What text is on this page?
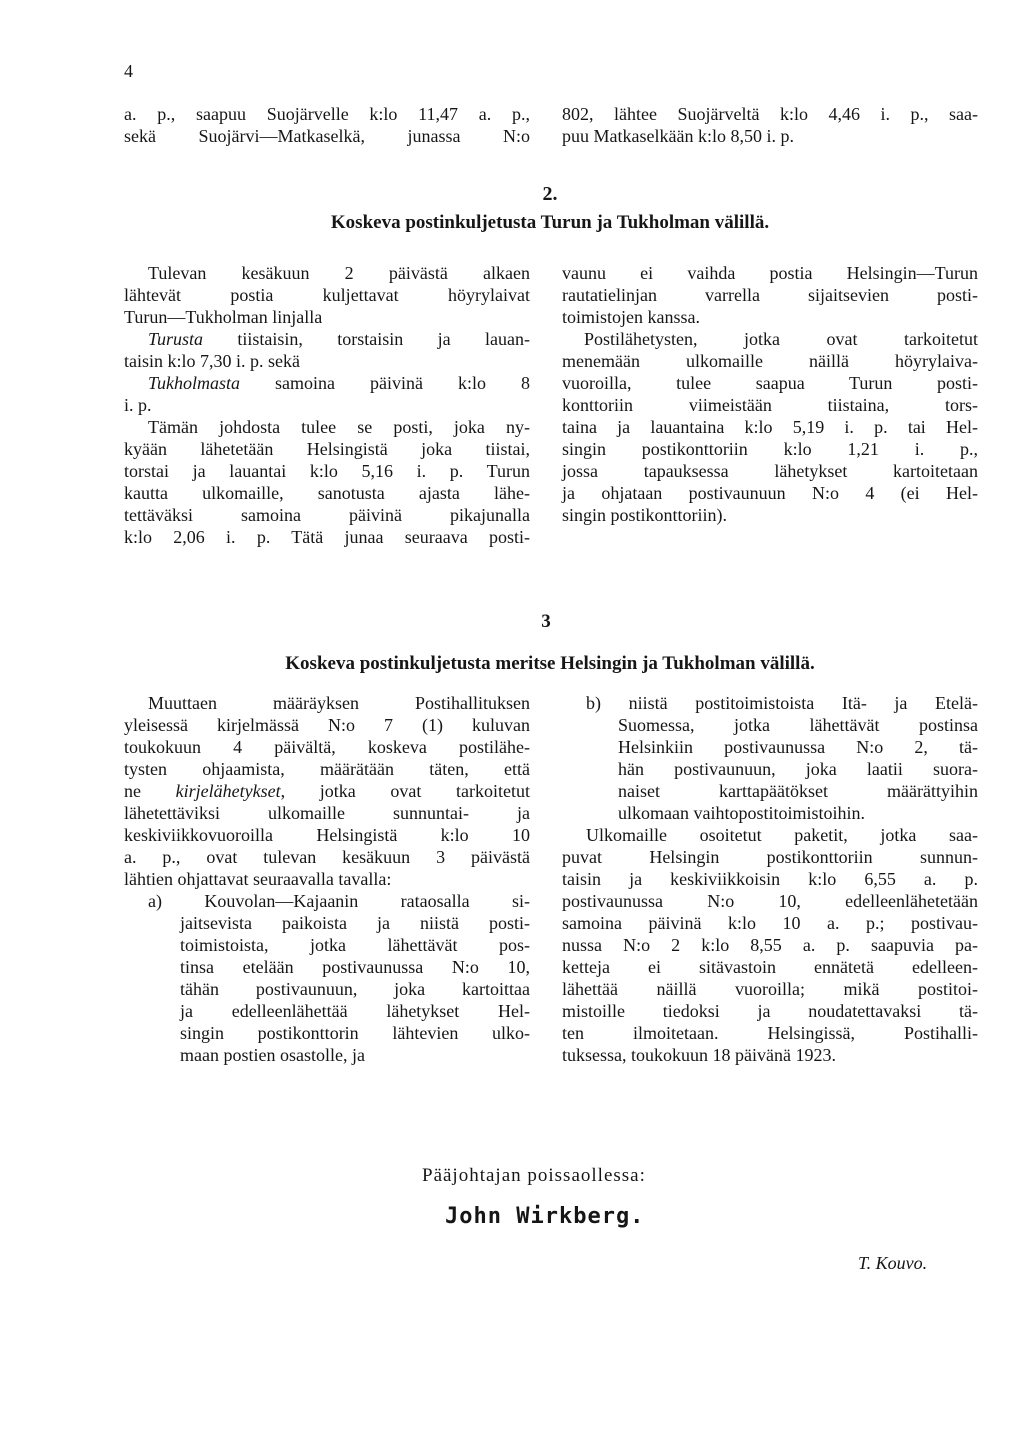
4
a. p., saapuu Suojärvelle k:lo 11,47 a. p.,
sekä Suojärvi—Matkaselkä, junassa N:o
802, lähtee Suojärveltä k:lo 4,46 i. p., saa-
puu Matkaselkään k:lo 8,50 i. p.
2.
Koskeva postinkuljetusta Turun ja Tukholman välillä.
Tulevan kesäkuun 2 päivästä alkaen
lähtevät postia kuljettavat höyrylaivat
Turun—Tukholman linjalla
Turusta tiistaisin, torstaisin ja lauan-
taisin k:lo 7,30 i. p. sekä
Tukholmasta samoina päivinä k:lo 8
i. p.
Tämän johdosta tulee se posti, joka ny-
kyään lähetetään Helsingistä joka tiistai,
torstai ja lauantai k:lo 5,16 i. p. Turun
kautta ulkomaille, sanotusta ajasta lähe-
tettäväksi samoina päivinä pikajunalla
k:lo 2,06 i. p. Tätä junaa seuraava posti-
vaunu ei vaihda postia Helsingin—Turun
rautatielinjan varrella sijaitsevien posti-
toimistojen kanssa.
Postilähetysten, jotka ovat tarkoitetut
menemään ulkomaille näillä höyrylaiva-
vuoroilla, tulee saapua Turun posti-
konttoriin viimeistään tiistaina, tors-
taina ja lauantaina k:lo 5,19 i. p. tai Hel-
singin postikonttoriin k:lo 1,21 i. p.,
jossa tapauksessa lähetykset kartoitetaan
ja ohjataan postivaunuun N:o 4 (ei Hel-
singin postikonttoriin).
3
Koskeva postinkuljetusta meritse Helsingin ja Tukholman välillä.
Muuttaen määräyksen Postihallituksen
yleisessä kirjelmässä N:o 7 (1) kuluvan
toukokuun 4 päivältä, koskeva postilähe-
tysten ohjaamista, määrätään täten, että
ne kirjelähetykset, jotka ovat tarkoitetut
lähetettäviksi ulkomaille sunnuntai- ja
keskiviikkovuoroilla Helsingistä k:lo 10
a. p., ovat tulevan kesäkuun 3 päivästä
lähtien ohjattavat seuraavalla tavalla:
a) Kouvolan—Kajaanin rataosalla si-
jaitsevista paikoista ja niistä posti-
toimistoista, jotka lähettävät pos-
tinsa etelään postivaunussa N:o 10,
tähän postivaunuun, joka kartoittaa
ja edelleenlähettää lähetykset Hel-
singin postikonttorin lähtevien ulko-
maan postien osastolle, ja
b) niistä postitoimistoista Itä- ja Etelä-
Suomessa, jotka lähettävät postinsa
Helsinkiin postivaunussa N:o 2, tä-
hän postivaunuun, joka laatii suora-
naiset karttapäätökset määrättyihin
ulkomaan vaihtopostitoimistoihin.
Ulkomaille osoitetut paketit, jotka saa-
puvat Helsingin postikonttoriin sunnun-
taisin ja keskiviikkoisin k:lo 6,55 a. p.
postivaunussa N:o 10, edelleenlähetetään
samoina päivinä k:lo 10 a. p.; postivau-
nussa N:o 2 k:lo 8,55 a. p. saapuvia pa-
ketteja ei sitävastoin ennätetä edelleen-
lähettää näillä vuoroilla; mikä postitoi-
mistoille tiedoksi ja noudatettavaksi tä-
ten ilmoitetaan. Helsingissä, Postihalli-
tuksessa, toukokuun 18 päivänä 1923.
Pääjohtajan poissaollessa:
John Wirkberg.
T. Kouvo.
